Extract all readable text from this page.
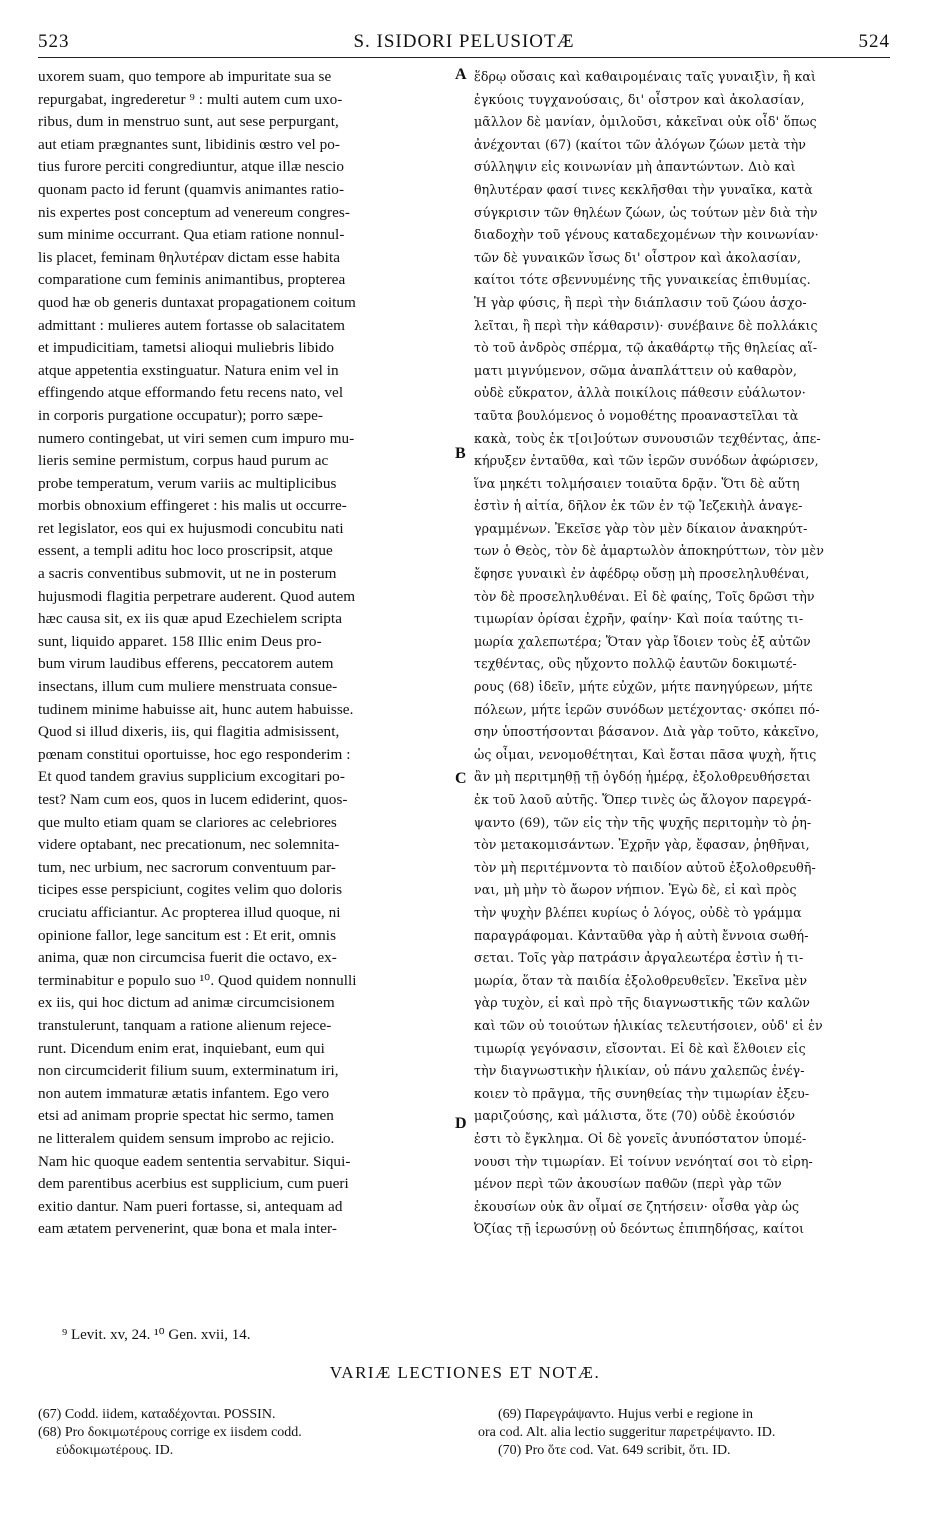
523	S. ISIDORI PELUSIOTÆ	524
uxorem suam, quo tempore ab impuritate sua se
repurgabat, ingrederetur ⁹ : multi autem cum uxo-
ribus, dum in menstruo sunt, aut sese perpurgant,
aut etiam prægnantes sunt, libidinis œstro vel po-
tius furore perciti congrediuntur, atque illæ nescio
quonam pacto id ferunt (quamvis animantes ratio-
nis expertes post conceptum ad venereum congres-
sum minime occurrant. Qua etiam ratione nonnul-
lis placet, feminam θηλυτέραν dictam esse habita
comparatione cum feminis animantibus, propterea
quod hæ ob generis duntaxat propagationem coitum
admittant : mulieres autem fortasse ob salacitatem
et impudicitiam, tametsi alioqui muliebris libido
atque appetentia exstinguatur. Natura enim vel in
effingendo atque efformando fetu recens nato, vel
in corporis purgatione occupatur); porro sæpe-
numero contingebat, ut viri semen cum impuro mu-
lieris semine permistum, corpus haud purum ac
probe temperatum, verum variis ac multiplicibus
morbis obnoxium effingeret : his malis ut occurre-
ret legislator, eos qui ex hujusmodi concubitu nati
essent, a templi aditu hoc loco proscripsit, atque
a sacris conventibus submovit, ut ne in posterum
hujusmodi flagitia perpetrare auderent. Quod autem
hæc causa sit, ex iis quæ apud Ezechielem scripta
sunt, liquido apparet. 158 Illic enim Deus pro-
bum virum laudibus efferens, peccatorem autem
insectans, illum cum muliere menstruata consue-
tudinem minime habuisse ait, hunc autem habuisse.
Quod si illud dixeris, iis, qui flagitia admisissent,
pœnam constitui oportuisse, hoc ego responderim :
Et quod tandem gravius supplicium excogitari po-
test? Nam cum eos, quos in lucem ediderint, quos-
que multo etiam quam se clariores ac celebriores
videre optabant, nec precationum, nec solemnita-
tum, nec urbium, nec sacrorum conventuum par-
ticipes esse perspiciunt, cogites velim quo doloris
cruciatu afficiantur. Ac propterea illud quoque, ni
opinione fallor, lege sancitum est : Et erit, omnis
anima, quæ non circumcisa fuerit die octavo, ex-
terminabitur e populo suo ¹⁰. Quod quidem nonnulli
ex iis, qui hoc dictum ad animæ circumcisionem
transtulerunt, tanquam a ratione alienum rejece-
runt. Dicendum enim erat, inquiebant, eum qui
non circumciderit filium suum, exterminatum iri,
non autem immaturæ ætatis infantem. Ego vero
etsi ad animam proprie spectat hic sermo, tamen
ne litteralem quidem sensum improbo ac rejicio.
Nam hic quoque eadem sententia servabitur. Siqui-
dem parentibus acerbius est supplicium, cum pueri
exitio dantur. Nam pueri fortasse, si, antequam ad
eam ætatem pervenerint, quæ bona et mala inter-
ἕδρῳ οὔσαις καὶ καθαιρομέναις ταῖς γυναιξὶν, ἢ καὶ
ἐγκύοις τυγχανούσαις, δι' οἶστρον καὶ ἀκολασίαν,
μᾶλλον δὲ μανίαν, ὁμιλοῦσι, κἀκεῖναι οὐκ οἶδ' ὅπως
ἀνέχονται (67) (καίτοι τῶν ἀλόγων ζώων μετὰ τὴν
σύλληψιν εἰς κοινωνίαν μὴ ἀπαντώντων. Διὸ καὶ
θηλυτέραν φασί τινες κεκλῆσθαι τὴν γυναῖκα, κατὰ
σύγκρισιν τῶν θηλέων ζώων, ὡς τούτων μὲν διὰ τὴν
διαδοχὴν τοῦ γένους καταδεχομένων τὴν κοινωνίαν·
τῶν δὲ γυναικῶν ἴσως δι' οἶστρον καὶ ἀκολασίαν,
καίτοι τότε σβεννυμένης τῆς γυναικείας ἐπιθυμίας.
Ἡ γὰρ φύσις, ἢ περὶ τὴν διάπλασιν τοῦ ζώου ἀσχο-
λεῖται, ἢ περὶ τὴν κάθαρσιν)· συνέβαινε δὲ πολλάκις
τὸ τοῦ ἀνδρὸς σπέρμα, τῷ ἀκαθάρτῳ τῆς θηλείας αἵ-
ματι μιγνύμενον, σῶμα ἀναπλάττειν οὐ καθαρὸν,
οὐδὲ εὔκρατον, ἀλλὰ ποικίλοις πάθεσιν εὐάλωτον·
ταῦτα βουλόμενος ὁ νομοθέτης προαναστεῖλαι τὰ
κακὰ, τοὺς ἐκ τ[οι]ούτων συνουσιῶν τεχθέντας, ἀπε-
κήρυξεν ἐνταῦθα, καὶ τῶν ἱερῶν συνόδων ἀφώρισεν,
ἵνα μηκέτι τολμήσαιεν τοιαῦτα δρᾷν. Ὅτι δὲ αὕτη
ἐστὶν ἡ αἰτία, δῆλον ἐκ τῶν ἐν τῷ Ἰεζεκιὴλ ἀναγε-
γραμμένων. Ἐκεῖσε γὰρ τὸν μὲν δίκαιον ἀνακηρύτ-
των ὁ Θεὸς, τὸν δὲ ἁμαρτωλὸν ἀποκηρύττων, τὸν μὲν
ἔφησε γυναικὶ ἐν ἀφέδρῳ οὔσῃ μὴ προσεληλυθέναι,
τὸν δὲ προσεληλυθέναι. Εἰ δὲ φαίης, Τοῖς δρῶσι τὴν
τιμωρίαν ὁρίσαι ἐχρῆν, φαίην· Καὶ ποία ταύτης τι-
μωρία χαλεπωτέρα; Ὅταν γὰρ ἴδοιεν τοὺς ἐξ αὐτῶν
τεχθέντας, οὓς ηὔχοντο πολλῷ ἑαυτῶν δοκιμωτέ-
ρους (68) ἰδεῖν, μήτε εὐχῶν, μήτε πανηγύρεων, μήτε
πόλεων, μήτε ἱερῶν συνόδων μετέχοντας· σκόπει πό-
σην ὑποστήσονται βάσανον. Διὰ γὰρ τοῦτο, κἀκεῖνο,
ὡς οἶμαι, νενομοθέτηται, Καὶ ἔσται πᾶσα ψυχὴ, ἥτις
ἂν μὴ περιτμηθῇ τῇ ὀγδόῃ ἡμέρᾳ, ἐξολοθρευθήσεται
ἐκ τοῦ λαοῦ αὐτῆς. Ὅπερ τινὲς ὡς ἄλογον παρεγρά-
ψαντο (69), τῶν εἰς τὴν τῆς ψυχῆς περιτομὴν τὸ ῥη-
τὸν μετακομισάντων. Ἐχρῆν γὰρ, ἔφασαν, ῥηθῆναι,
τὸν μὴ περιτέμνοντα τὸ παιδίον αὐτοῦ ἐξολοθρευθῆ-
ναι, μὴ μὴν τὸ ἄωρον νήπιον. Ἐγὼ δὲ, εἰ καὶ πρὸς
τὴν ψυχὴν βλέπει κυρίως ὁ λόγος, οὐδὲ τὸ γράμμα
παραγράφομαι. Κἀνταῦθα γὰρ ἡ αὐτὴ ἔννοια σωθή-
σεται. Τοῖς γὰρ πατράσιν ἀργαλεωτέρα ἐστὶν ἡ τι-
μωρία, ὅταν τὰ παιδία ἐξολοθρευθεῖεν. Ἐκεῖνα μὲν
γὰρ τυχὸν, εἰ καὶ πρὸ τῆς διαγνωστικῆς τῶν καλῶν
καὶ τῶν οὐ τοιούτων ἡλικίας τελευτήσοιεν, οὐδ' εἰ ἐν
τιμωρίᾳ γεγόνασιν, εἴσονται. Εἰ δὲ καὶ ἔλθοιεν εἰς
τὴν διαγνωστικὴν ἡλικίαν, οὐ πάνυ χαλεπῶς ἐνέγ-
κοιεν τὸ πρᾶγμα, τῆς συνηθείας τὴν τιμωρίαν ἐξευ-
μαριζούσης, καὶ μάλιστα, ὅτε (70) οὐδὲ ἑκούσιόν
ἐστι τὸ ἔγκλημα. Οἱ δὲ γονεῖς ἀνυπόστατον ὑπομέ-
νουσι τὴν τιμωρίαν. Εἰ τοίνυν νενόηταί σοι τὸ εἰρη-
μένον περὶ τῶν ἀκουσίων παθῶν (περὶ γὰρ τῶν
ἑκουσίων οὐκ ἂν οἶμαί σε ζητήσειν· οἶσθα γὰρ ὡς
Ὀζίας τῇ ἱερωσύνῃ οὐ δεόντως ἐπιπηδήσας, καίτοι
A
B
C
D
⁹ Levit. xv, 24. ¹⁰ Gen. xvii, 14.
VARIÆ LECTIONES ET NOTÆ.
(67) Codd. iidem, καταδέχονται. POSSIN.
(68) Pro δοκιμωτέρους corrige ex iisdem codd.
εὐδοκιμωτέρους. ID.
(69) Παρεγράψαντο. Hujus verbi e regione in
ora cod. Alt. alia lectio suggeritur παρετρέψαντο. ID.
(70) Pro ὅτε cod. Vat. 649 scribit, ὅτι. ID.
